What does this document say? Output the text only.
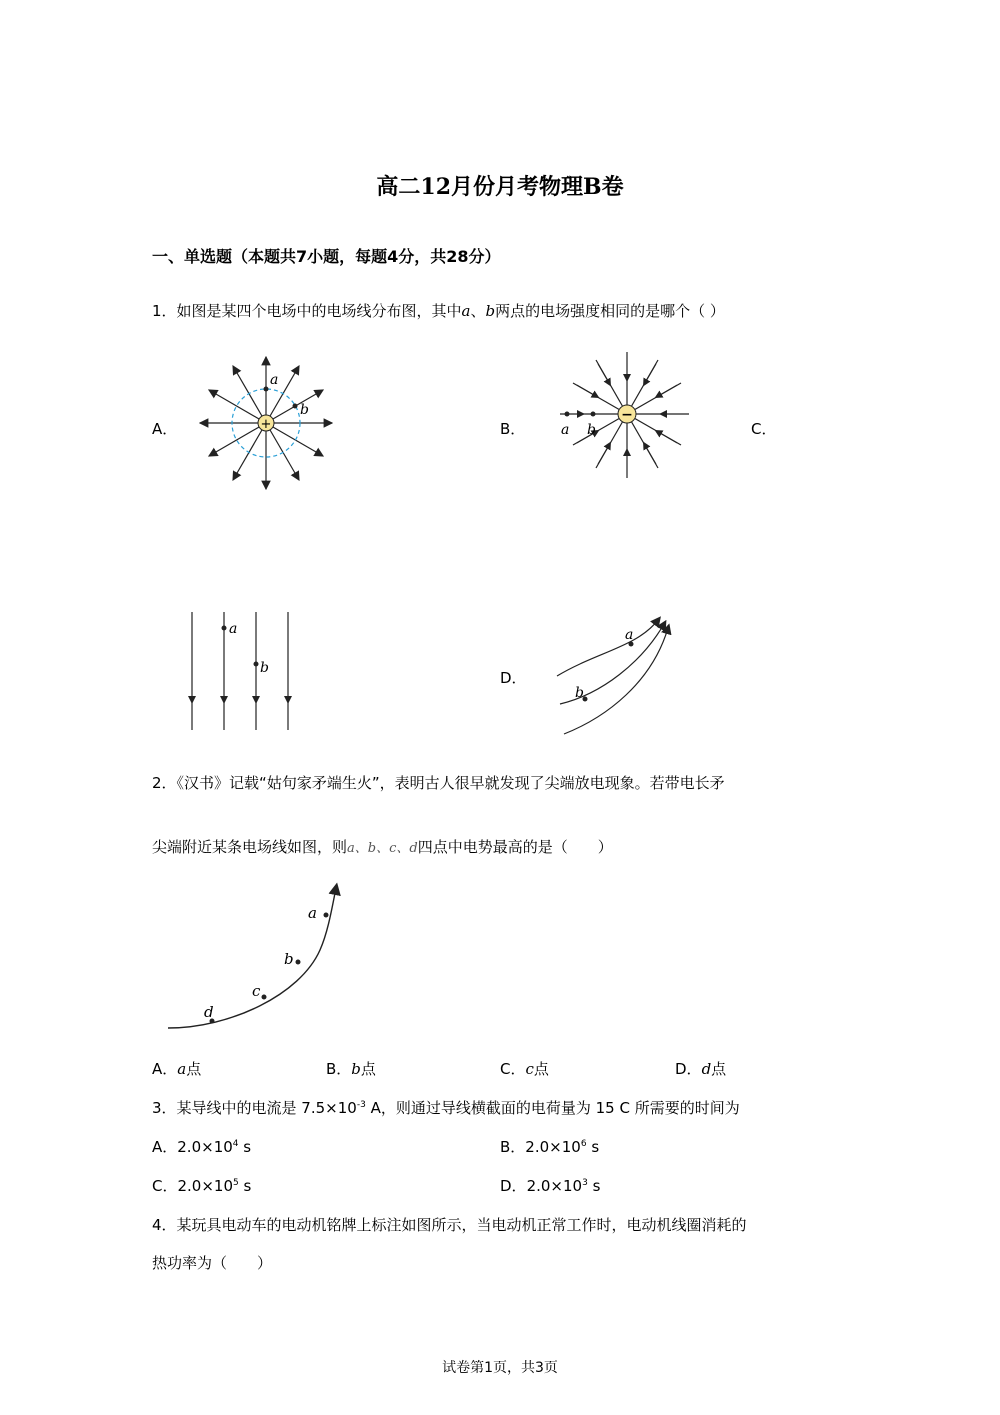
高二12月份月考物理B卷
一、单选题（本题共7小题，每题4分，共28分）
1．如图是某四个电场中的电场线分布图，其中a、b两点的电场强度相同的是哪个（ ）
A．	B．	C．
D．
+
a
b	−
a b
a
b
a
b
2．《汉书》记载“姑句家矛端生火”，表明古人很早就发现了尖端放电现象。若带电长矛
尖端附近某条电场线如图，则a、b、c、d四点中电势最高的是（　　）
a
b
c
d
A．a点	B．b点	C．c点	D．d点
3．某导线中的电流是 $7.5\times 10^{-3}$ A，则通过导线横截面的电荷量为 15 C 所需要的时间为
A．$2.0\times 10^4$ s	B．$2.0\times 10^6$ s
C．$2.0\times 10^5$ s	D．$2.0\times 10^3$ s
4．某玩具电动车的电动机铭牌上标注如图所示，当电动机正常工作时，电动机线圈消耗的
热功率为（　　）
试卷第1页，共3页
